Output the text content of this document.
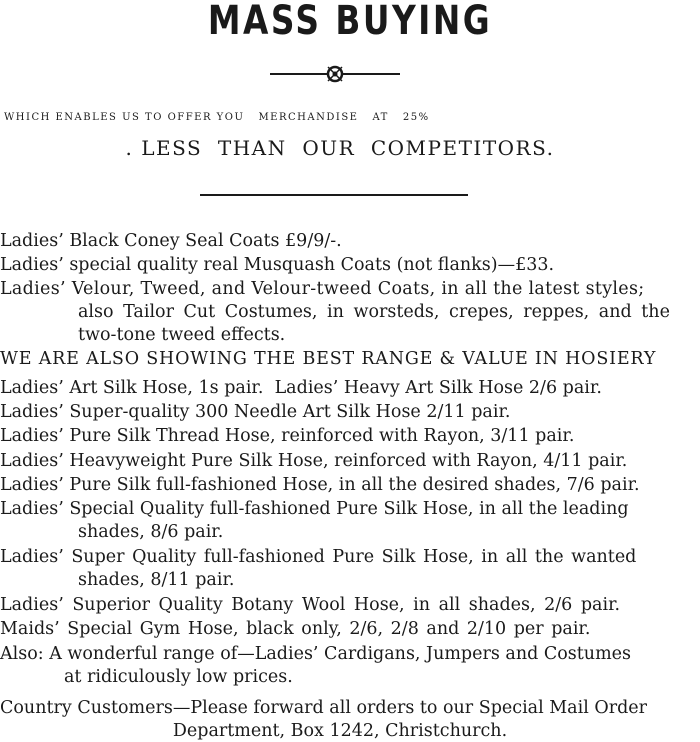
MASS BUYING
WHICH ENABLES US TO OFFER YOU   MERCHANDISE   AT   25%
. LESS  THAN  OUR  COMPETITORS.
Ladies’ Black Coney Seal Coats £9/9/-.
Ladies’ special quality real Musquash Coats (not flanks)—£33.
Ladies’ Velour, Tweed, and Velour-tweed Coats, in all the latest styles;
also Tailor Cut Costumes, in worsteds, crepes, reppes, and the
two-tone tweed effects.
WE ARE ALSO SHOWING THE BEST RANGE & VALUE IN HOSIERY
Ladies’ Art Silk Hose, 1s pair.  Ladies’ Heavy Art Silk Hose 2/6 pair.
Ladies’ Super-quality 300 Needle Art Silk Hose 2/11 pair.
Ladies’ Pure Silk Thread Hose, reinforced with Rayon, 3/11 pair.
Ladies’ Heavyweight Pure Silk Hose, reinforced with Rayon, 4/11 pair.
Ladies’ Pure Silk full-fashioned Hose, in all the desired shades, 7/6 pair.
Ladies’ Special Quality full-fashioned Pure Silk Hose, in all the leading
shades, 8/6 pair.
Ladies’ Super Quality full-fashioned Pure Silk Hose, in all the wanted
shades, 8/11 pair.
Ladies’ Superior Quality Botany Wool Hose, in all shades, 2/6 pair.
Maids’ Special Gym Hose, black only, 2/6, 2/8 and 2/10 per pair.
Also: A wonderful range of—Ladies’ Cardigans, Jumpers and Costumes
at ridiculously low prices.
Country Customers—Please forward all orders to our Special Mail Order
Department, Box 1242, Christchurch.
